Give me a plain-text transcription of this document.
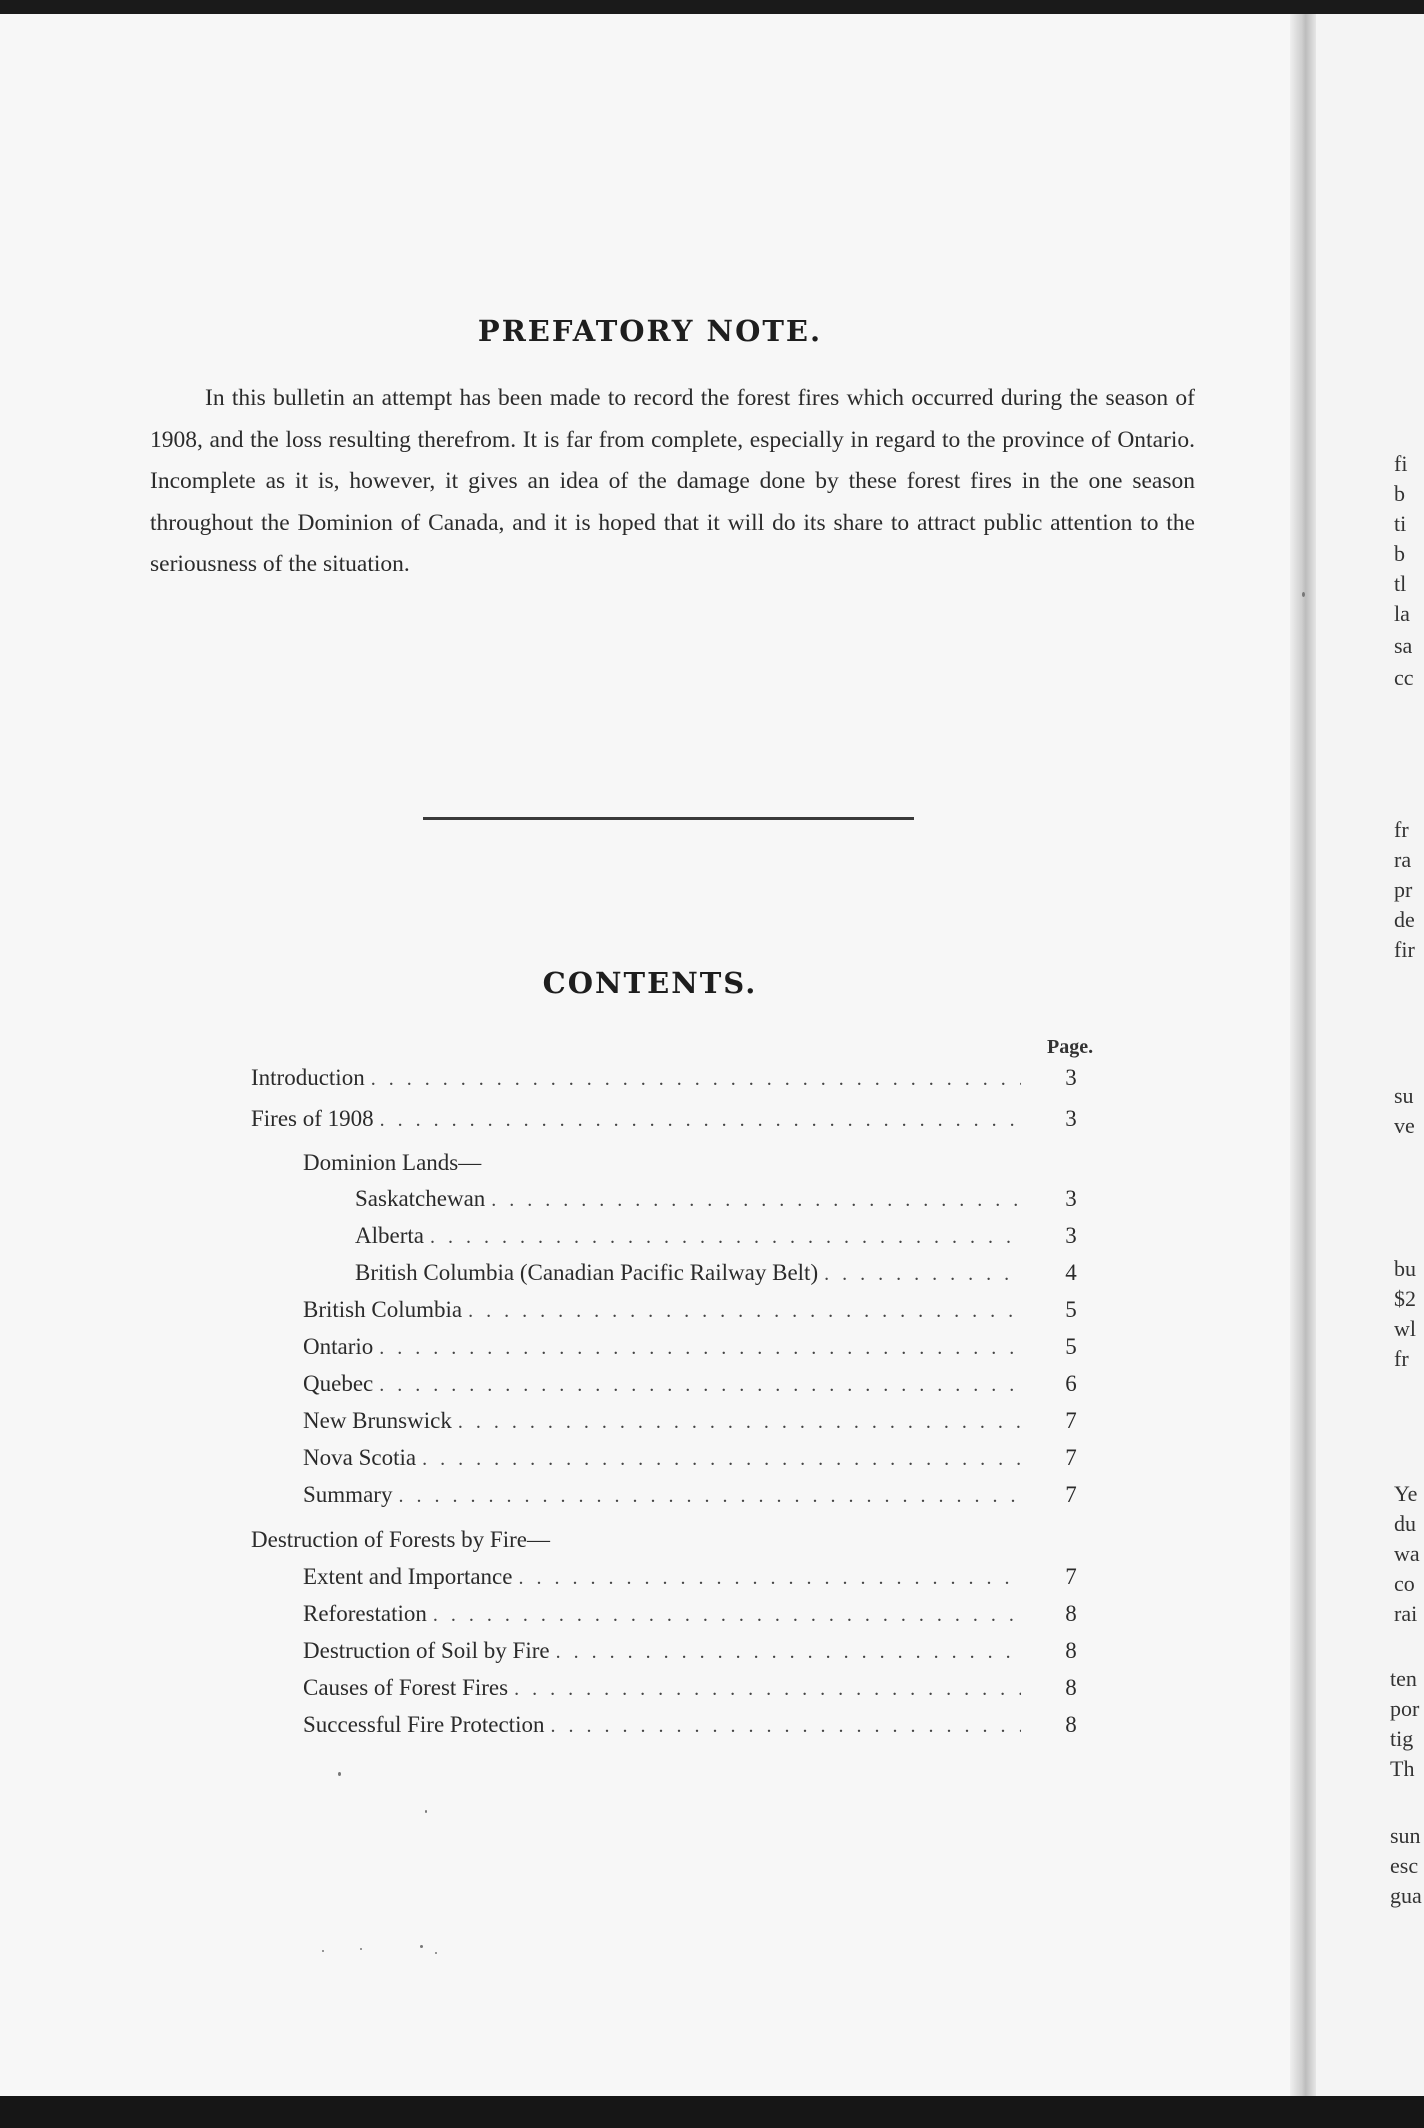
PREFATORY NOTE.
In this bulletin an attempt has been made to record the forest fires which occurred during the season of 1908, and the loss resulting therefrom. It is far from complete, especially in regard to the province of Ontario. Incomplete as it is, however, it gives an idea of the damage done by these forest fires in the one season throughout the Dominion of Canada, and it is hoped that it will do its share to attract public attention to the seriousness of the situation.
CONTENTS.
Page.
Introduction . . .	3
Fires of 1908 . . .	3
Dominion Lands—
Saskatchewan . . .	3
Alberta . . .	3
British Columbia (Canadian Pacific Railway Belt) . . .	4
British Columbia . . .	5
Ontario . . .	5
Quebec . . .	6
New Brunswick . . .	7
Nova Scotia . . .	7
Summary . . .	7
Destruction of Forests by Fire—
Extent and Importance . . .	7
Reforestation . . .	8
Destruction of Soil by Fire . . .	8
Causes of Forest Fires . . .	8
Successful Fire Protection . . .	8
fi
b
ti
b
tl
la
sa
cc
fr
ra
pr
de
fir
su
ve
bu
$2
wl
fr
Ye
du
wa
co
rai
ten
por
tig
Th
sun
esc
gua
